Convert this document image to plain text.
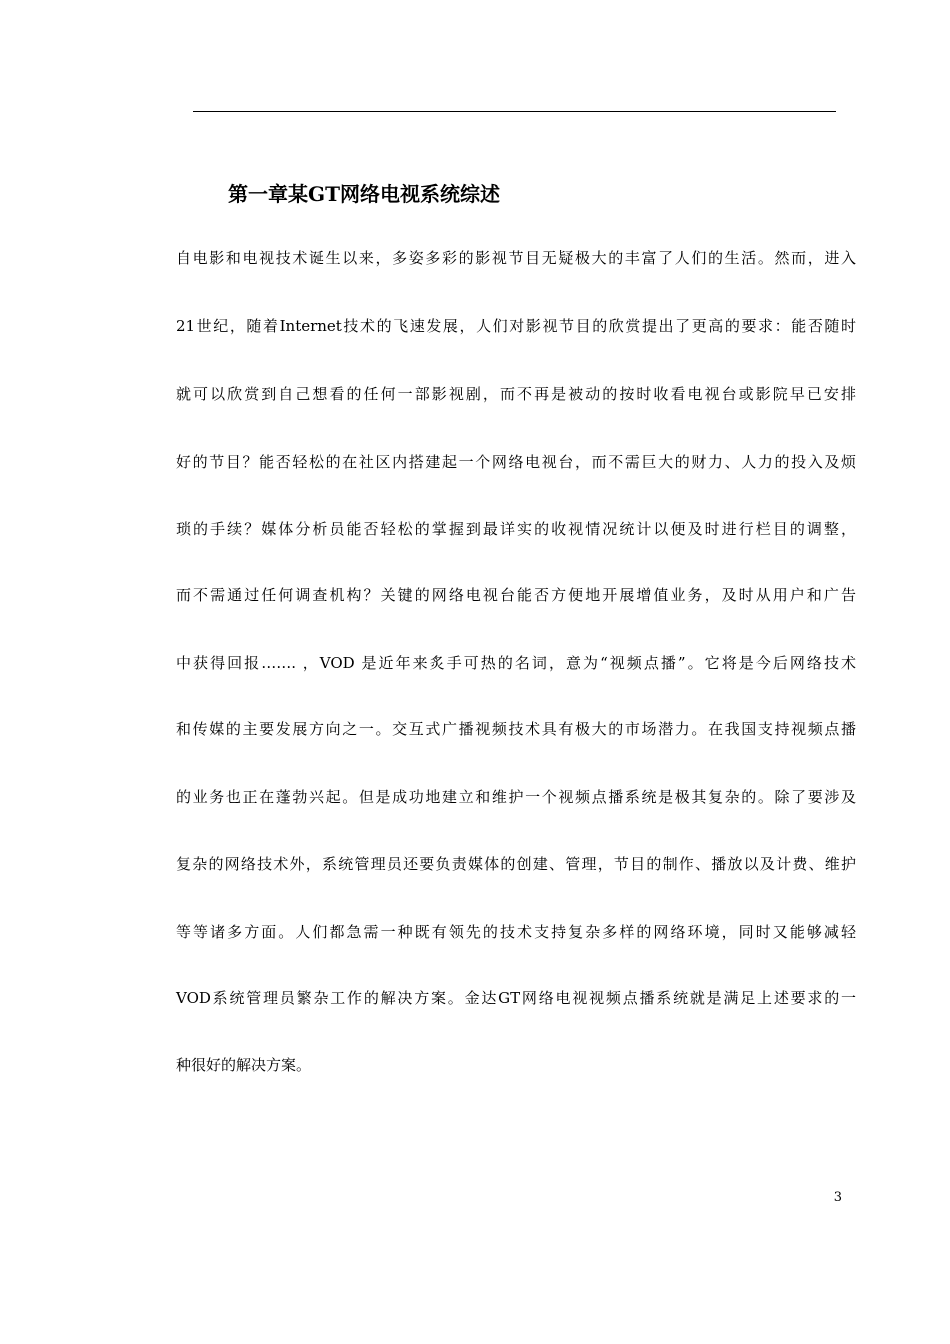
第一章某GT网络电视系统综述
自电影和电视技术诞生以来，多姿多彩的影视节目无疑极大的丰富了人们的生活。然而，进入
21世纪，随着Internet技术的飞速发展，人们对影视节目的欣赏提出了更高的要求：能否随时
就可以欣赏到自己想看的任何一部影视剧，而不再是被动的按时收看电视台或影院早已安排
好的节目？能否轻松的在社区内搭建起一个网络电视台，而不需巨大的财力、人力的投入及烦
琐的手续？媒体分析员能否轻松的掌握到最详实的收视情况统计以便及时进行栏目的调整，
而不需通过任何调查机构？关键的网络电视台能否方便地开展增值业务，及时从用户和广告
中获得回报……. ，VOD 是近年来炙手可热的名词，意为“视频点播”。它将是今后网络技术
和传媒的主要发展方向之一。交互式广播视频技术具有极大的市场潜力。在我国支持视频点播
的业务也正在蓬勃兴起。但是成功地建立和维护一个视频点播系统是极其复杂的。除了要涉及
复杂的网络技术外，系统管理员还要负责媒体的创建、管理，节目的制作、播放以及计费、维护
等等诸多方面。人们都急需一种既有领先的技术支持复杂多样的网络环境，同时又能够减轻
VOD系统管理员繁杂工作的解决方案。金达GT网络电视视频点播系统就是满足上述要求的一
种很好的解决方案。
3
